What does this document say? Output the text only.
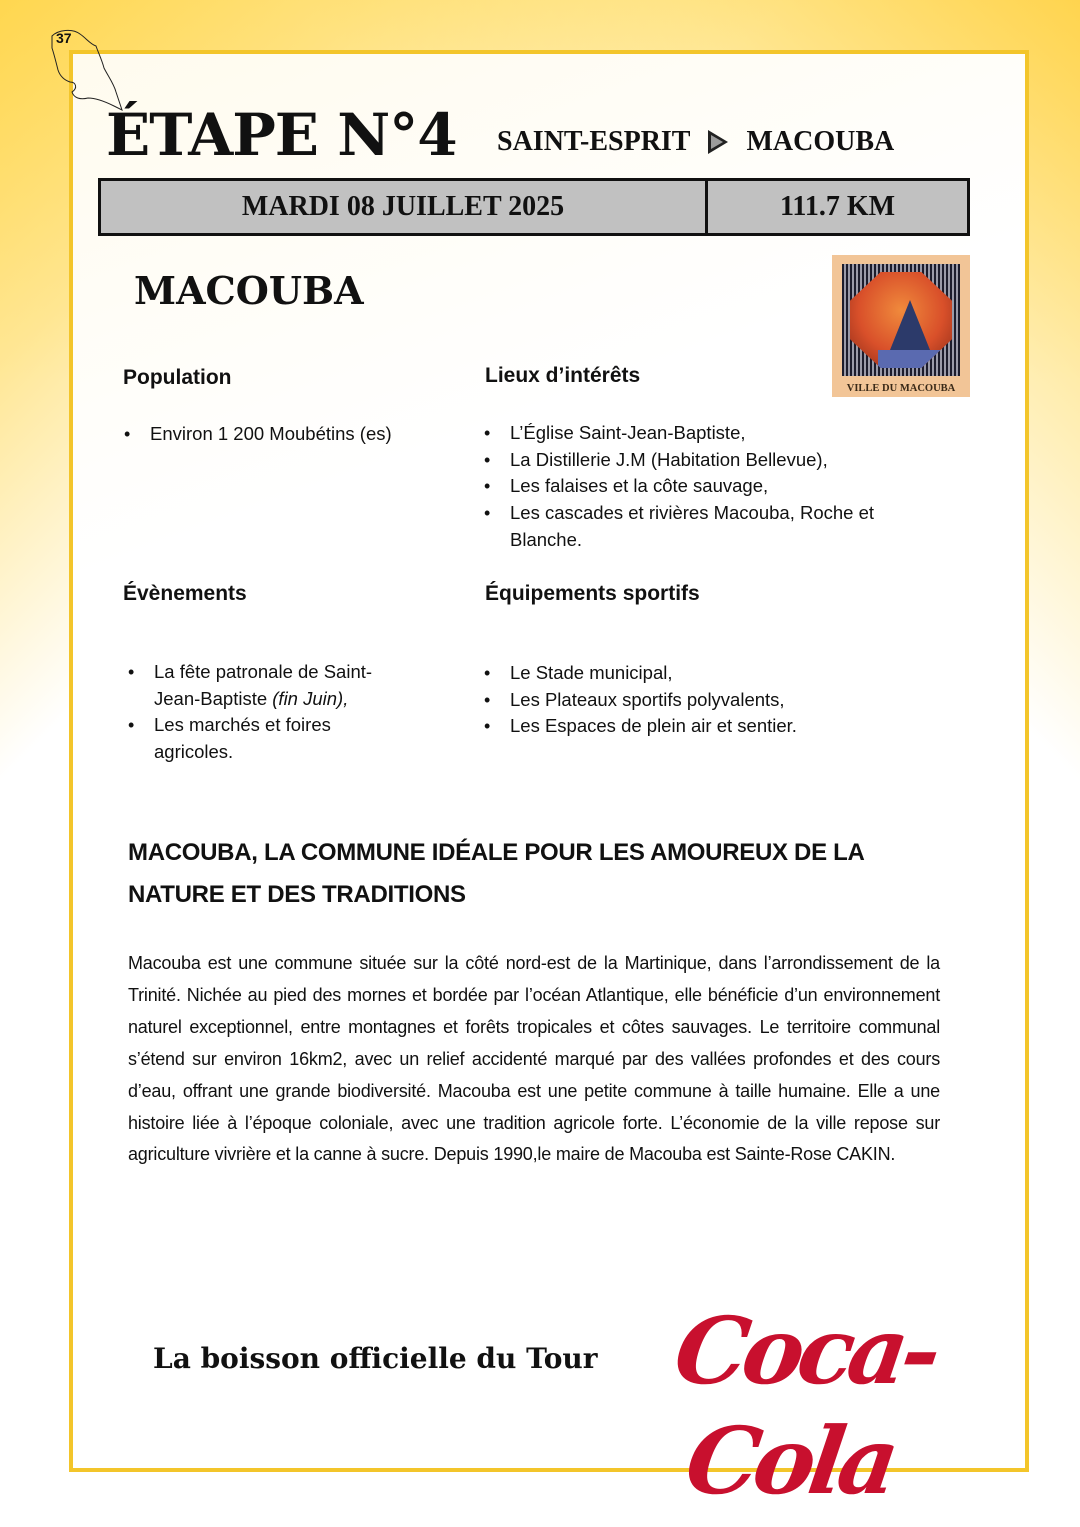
37
ÉTAPE N°4 SAINT-ESPRIT MACOUBA
MARDI 08 JUILLET 2025	111.7 KM
MACOUBA
VILLE DU MACOUBA
Population
• Environ 1 200 Moubétins (es)
Lieux d’intérêts
• L’Église Saint-Jean-Baptiste,
• La Distillerie J.M (Habitation Bellevue),
• Les falaises et la côte sauvage,
• Les cascades et rivières Macouba, Roche et Blanche.
Évènements
• La fête patronale de Saint-Jean-Baptiste (fin Juin),
• Les marchés et foires agricoles.
Équipements sportifs
• Le Stade municipal,
• Les Plateaux sportifs polyvalents,
• Les Espaces de plein air et sentier.
MACOUBA, LA COMMUNE IDÉALE POUR LES AMOUREUX DE LA NATURE ET DES TRADITIONS
Macouba est une commune située sur la côté nord-est de la Martinique, dans l’arrondissement de la Trinité. Nichée au pied des mornes et bordée par l’océan Atlantique, elle bénéficie d’un environnement naturel exceptionnel, entre montagnes et forêts tropicales et côtes sauvages. Le territoire communal s’étend sur environ 16km2, avec un relief accidenté marqué par des vallées profondes et des cours d’eau, offrant une grande biodiversité. Macouba est une petite commune à taille humaine. Elle a une histoire liée à l’époque coloniale, avec une tradition agricole forte. L’économie de la ville repose sur agriculture vivrière et la canne à sucre. Depuis 1990,le maire de Macouba est Sainte-Rose CAKIN.
La boisson officielle du Tour Coca-Cola
